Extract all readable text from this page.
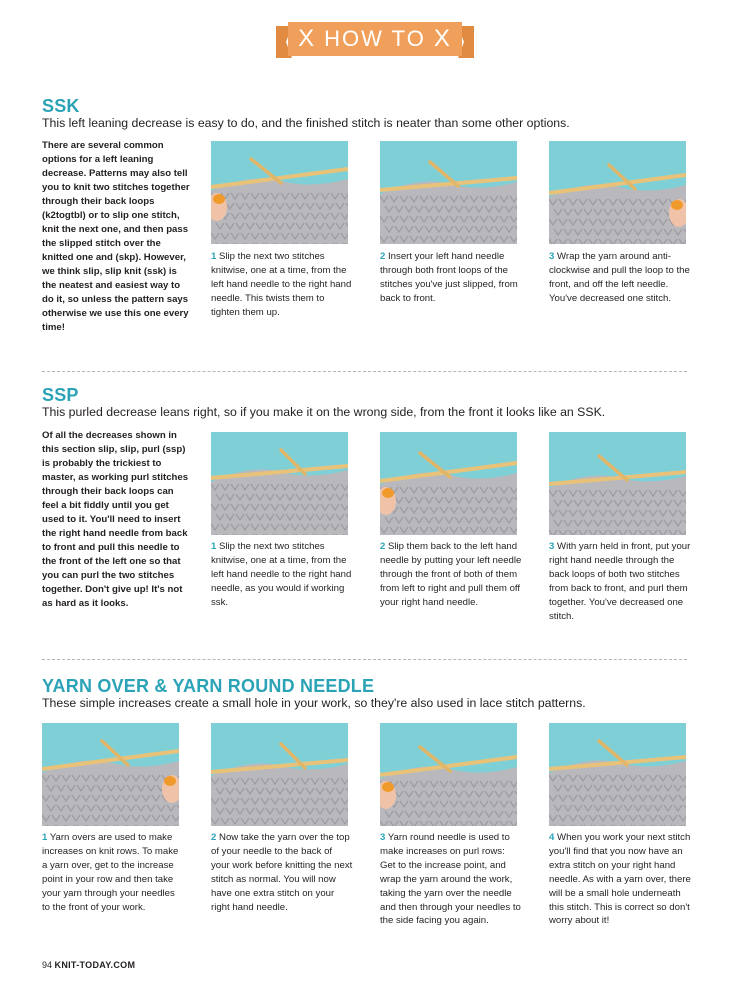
X HOW TO X
SSK
This left leaning decrease is easy to do, and the finished stitch is neater than some other options.
There are several common options for a left leaning decrease. Patterns may also tell you to knit two stitches together through their back loops (k2togtbl) or to slip one stitch, knit the next one, and then pass the slipped stitch over the knitted one and (skp). However, we think slip, slip knit (ssk) is the neatest and easiest way to do it, so unless the pattern says otherwise we use this one every time!
1 Slip the next two stitches knitwise, one at a time, from the left hand needle to the right hand needle. This twists them to tighten them up.
2 Insert your left hand needle through both front loops of the stitches you've just slipped, from back to front.
3 Wrap the yarn around anti-clockwise and pull the loop to the front, and off the left needle. You've decreased one stitch.
SSP
This purled decrease leans right, so if you make it on the wrong side, from the front it looks like an SSK.
Of all the decreases shown in this section slip, slip, purl (ssp) is probably the trickiest to master, as working purl stitches through their back loops can feel a bit fiddly until you get used to it. You'll need to insert the right hand needle from back to front and pull this needle to the front of the left one so that you can purl the two stitches together. Don't give up! It's not as hard as it looks.
1 Slip the next two stitches knitwise, one at a time, from the left hand needle to the right hand needle, as you would if working ssk.
2 Slip them back to the left hand needle by putting your left needle through the front of both of them from left to right and pull them off your right hand needle.
3 With yarn held in front, put your right hand needle through the back loops of both two stitches from back to front, and purl them together. You've decreased one stitch.
YARN OVER & YARN ROUND NEEDLE
These simple increases create a small hole in your work, so they're also used in lace stitch patterns.
1 Yarn overs are used to make increases on knit rows. To make a yarn over, get to the increase point in your row and then take your yarn through your needles to the front of your work.
2 Now take the yarn over the top of your needle to the back of your work before knitting the next stitch as normal. You will now have one extra stitch on your right hand needle.
3 Yarn round needle is used to make increases on purl rows: Get to the increase point, and wrap the yarn around the work, taking the yarn over the needle and then through your needles to the side facing you again.
4 When you work your next stitch you'll find that you now have an extra stitch on your right hand needle. As with a yarn over, there will be a small hole underneath this stitch. This is correct so don't worry about it!
94 KNIT-TODAY.COM
